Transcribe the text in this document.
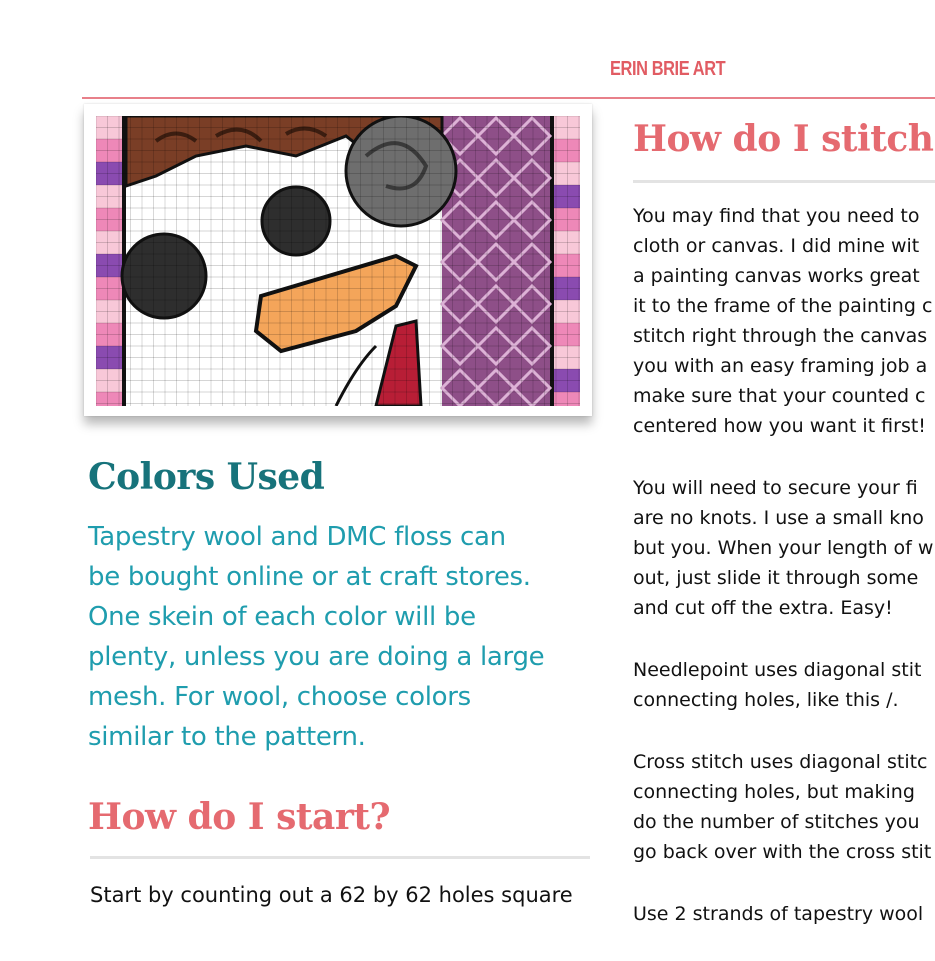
ERIN BRIE ART
Colors Used
Tapestry wool and DMC floss can
be bought online or at craft stores.
One skein of each color will be
plenty, unless you are doing a large
mesh. For wool, choose colors
similar to the pattern.
How do I start?
Start by counting out a 62 by 62 holes square
How do I stitch

You may find that you need to
cloth or canvas. I did mine wit
a painting canvas works great
it to the frame of the painting c
stitch right through the canvas
you with an easy framing job a
make sure that your counted c
centered how you want it first!

You will need to secure your fi
are no knots. I use a small kno
but you. When your length of w
out, just slide it through some
and cut off the extra. Easy!

Needlepoint uses diagonal stit
connecting holes, like this /.

Cross stitch uses diagonal stitc
connecting holes, but making
do the number of stitches you
go back over with the cross stit

Use 2 strands of tapestry wool
